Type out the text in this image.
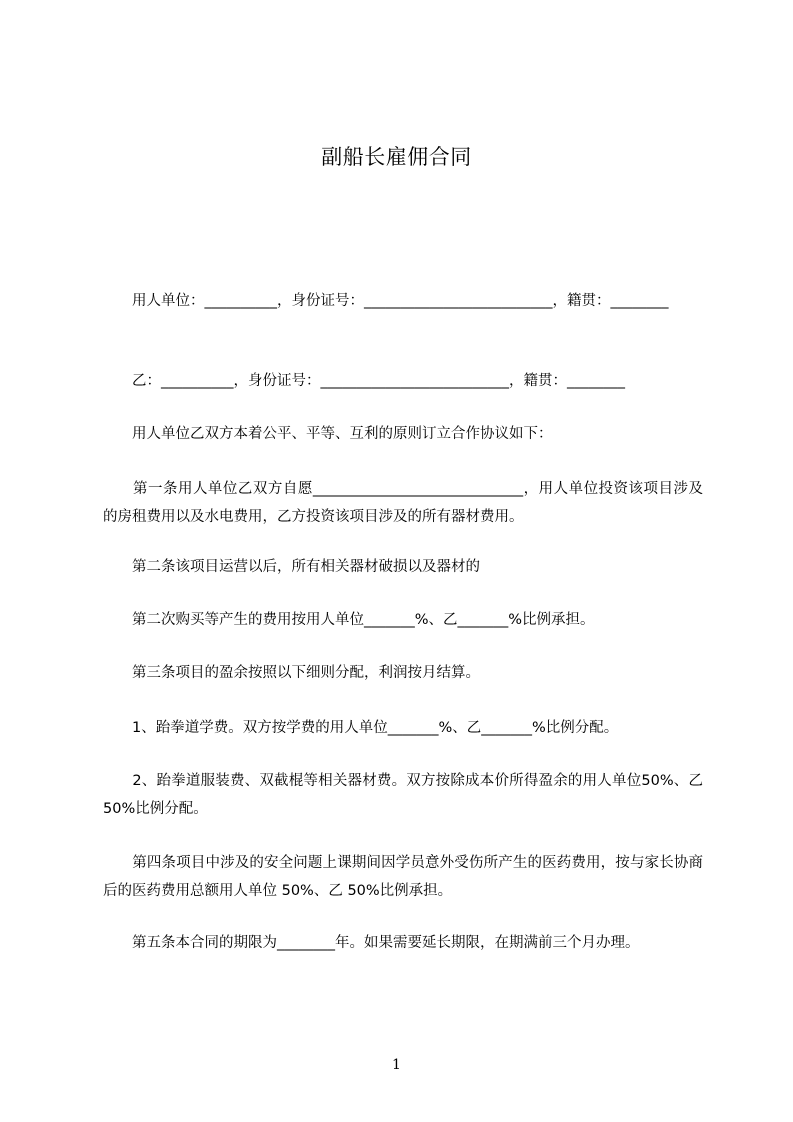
副船长雇佣合同
　　用人单位：__________，身份证号：__________________________，籍贯：________
　　乙：__________，身份证号：__________________________，籍贯：________
　　用人单位乙双方本着公平、平等、互利的原则订立合作协议如下：
　　第一条用人单位乙双方自愿_____________________________，用人单位投资该项目涉及的房租费用以及水电费用，乙方投资该项目涉及的所有器材费用。
　　第二条该项目运营以后，所有相关器材破损以及器材的
　　第二次购买等产生的费用按用人单位_______%、乙_______%比例承担。
　　第三条项目的盈余按照以下细则分配，利润按月结算。
　　1、跆拳道学费。双方按学费的用人单位_______%、乙_______%比例分配。
　　2、跆拳道服装费、双截棍等相关器材费。双方按除成本价所得盈余的用人单位50%、乙 50%比例分配。
　　第四条项目中涉及的安全问题上课期间因学员意外受伤所产生的医药费用，按与家长协商后的医药费用总额用人单位 50%、乙 50%比例承担。
　　第五条本合同的期限为________年。如果需要延长期限，在期满前三个月办理。
1
